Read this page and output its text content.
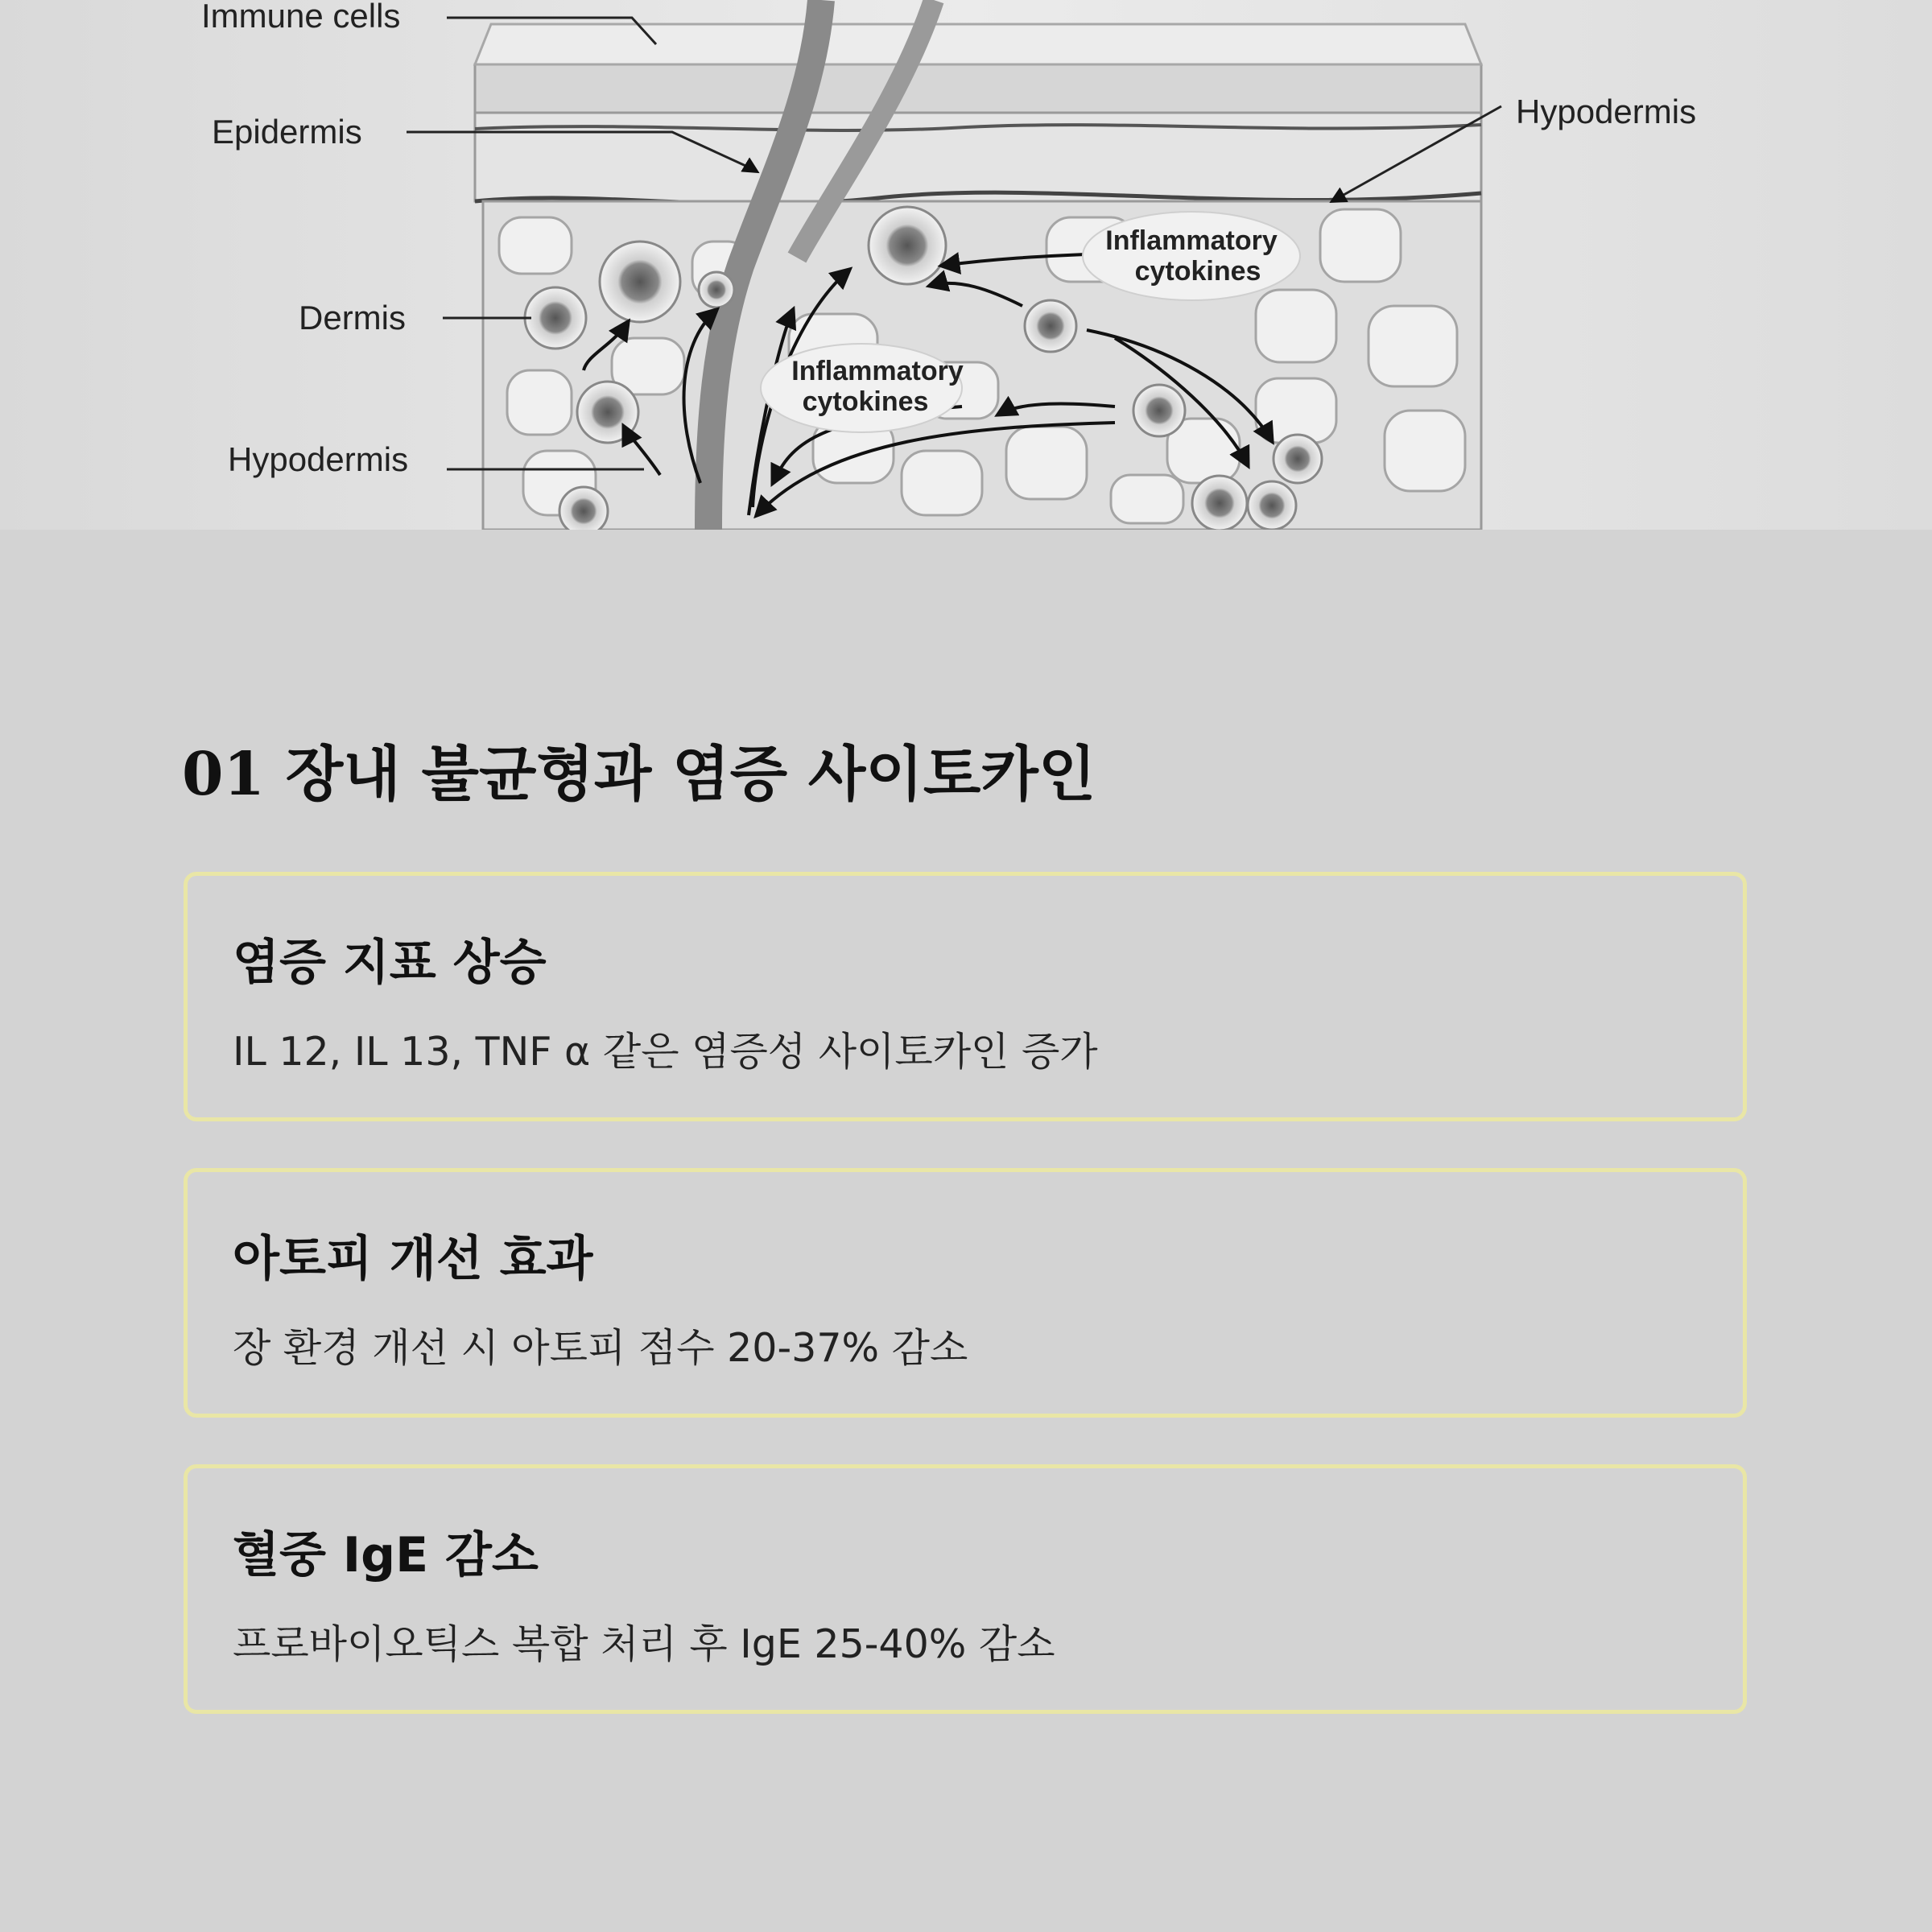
Inflammatory
cytokines
Inflammatory
cytokines
Immune cells
Epidermis
Dermis
Hypodermis
Hypodermis
01 장내 불균형과 염증 사이토카인
염증 지표 상승

IL 12, IL 13, TNF α 같은 염증성 사이토카인 증가

아토피 개선 효과

장 환경 개선 시 아토피 점수 20-37% 감소

혈중 IgE 감소

프로바이오틱스 복합 처리 후 IgE 25-40% 감소
